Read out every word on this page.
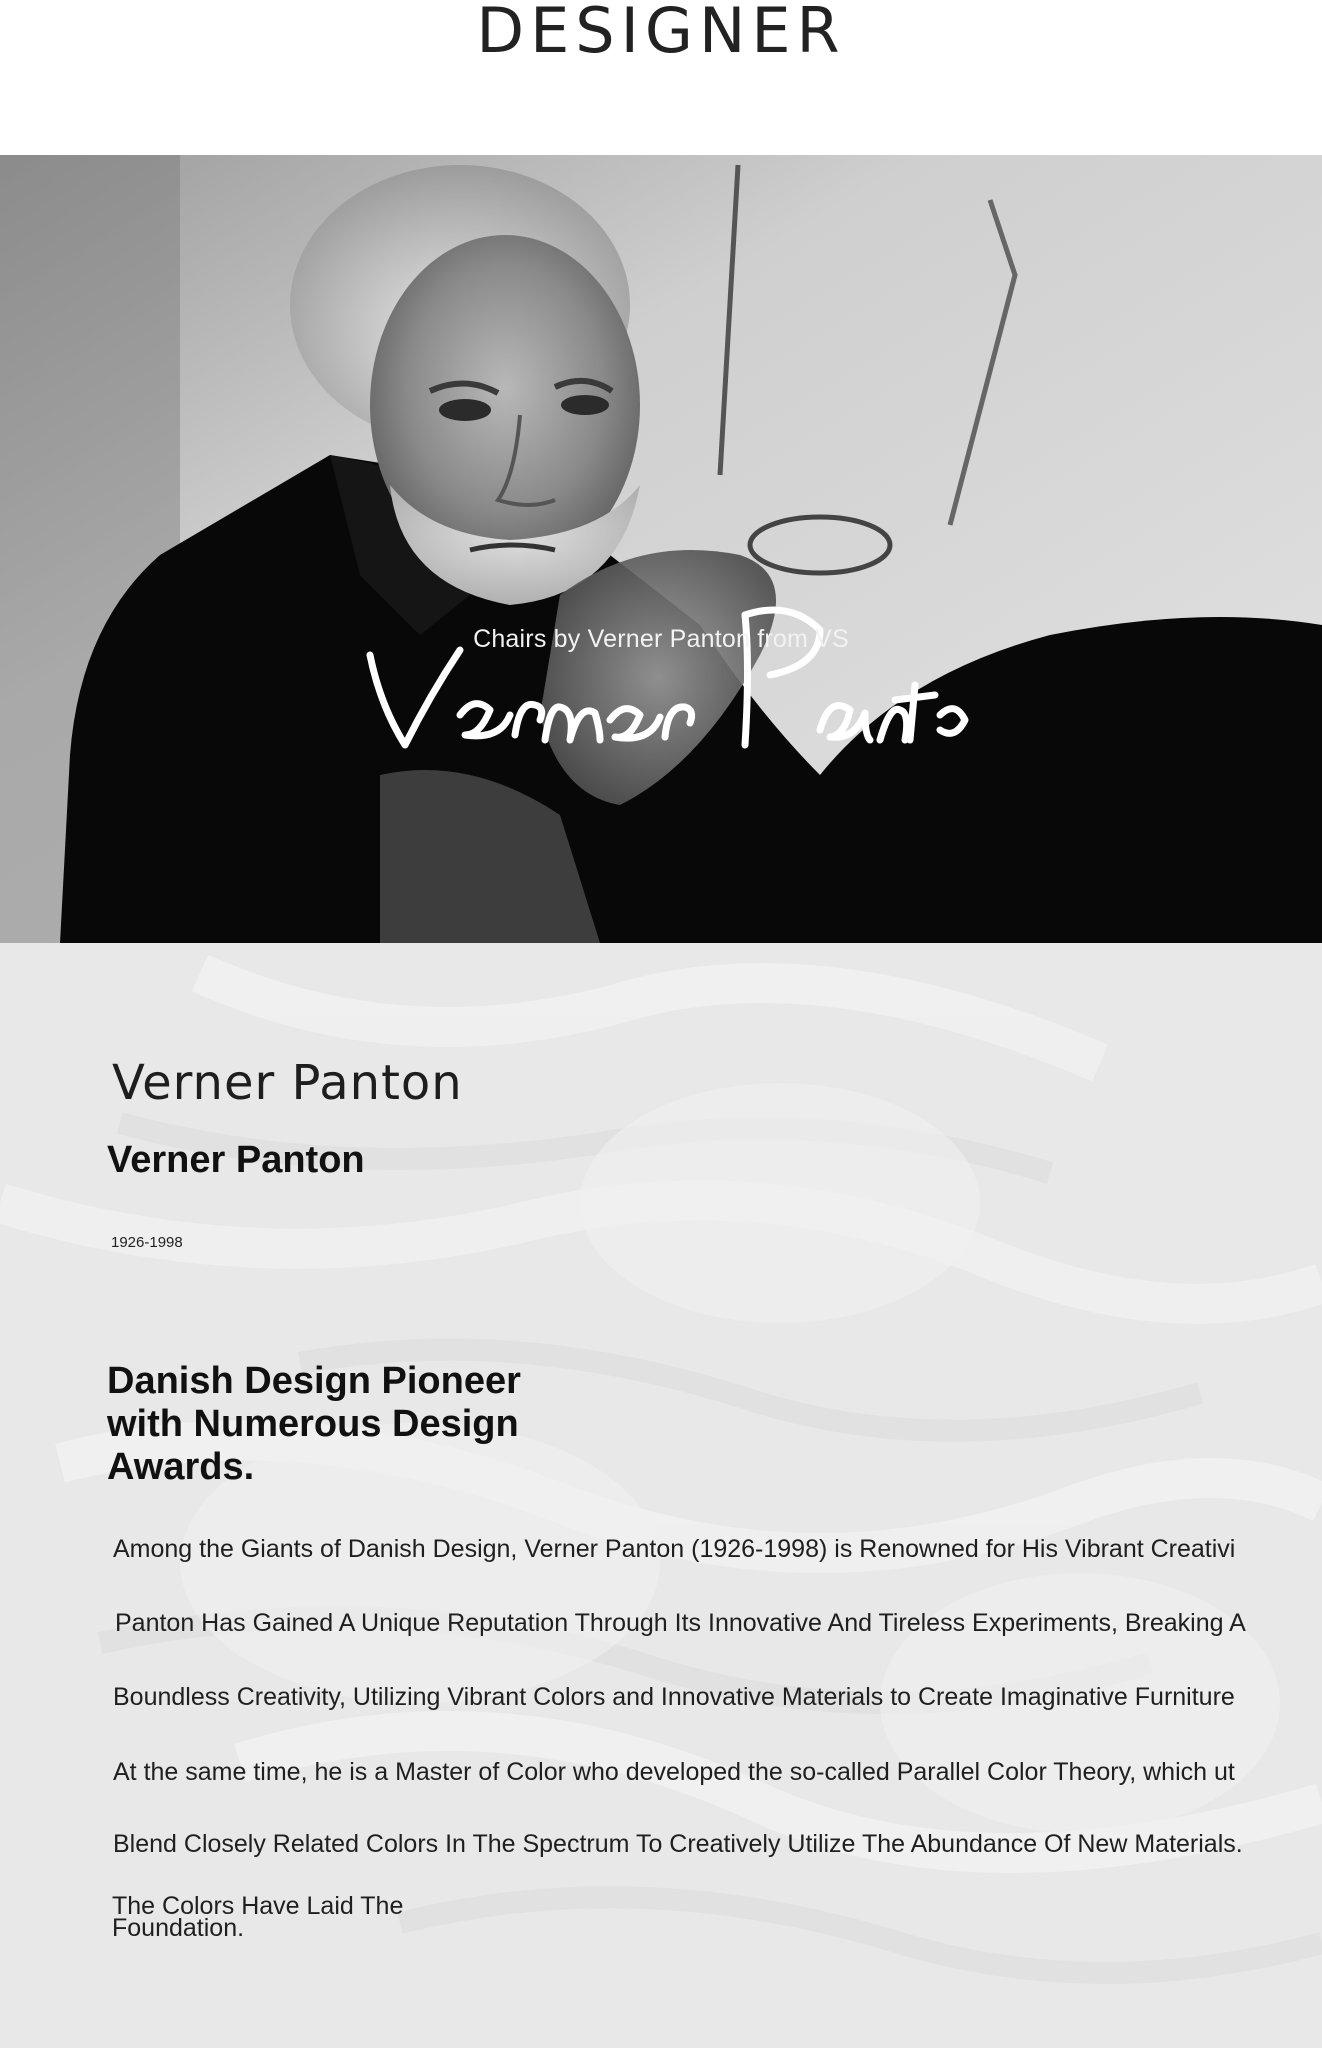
DESIGNER

Chairs by Verner Panton from VS

Verner Panton
Verner Panton

1926-1998

Danish Design Pioneer with Numerous Design Awards.

Among the Giants of Danish Design, Verner Panton (1926-1998) is Renowned for His Vibrant Creativi

Panton Has Gained A Unique Reputation Through Its Innovative And Tireless Experiments, Breaking A

Boundless Creativity, Utilizing Vibrant Colors and Innovative Materials to Create Imaginative Furniture

At the same time, he is a Master of Color who developed the so-called Parallel Color Theory, which ut

Blend Closely Related Colors In The Spectrum To Creatively Utilize The Abundance Of New Materials.

The Colors Have Laid The Foundation.
